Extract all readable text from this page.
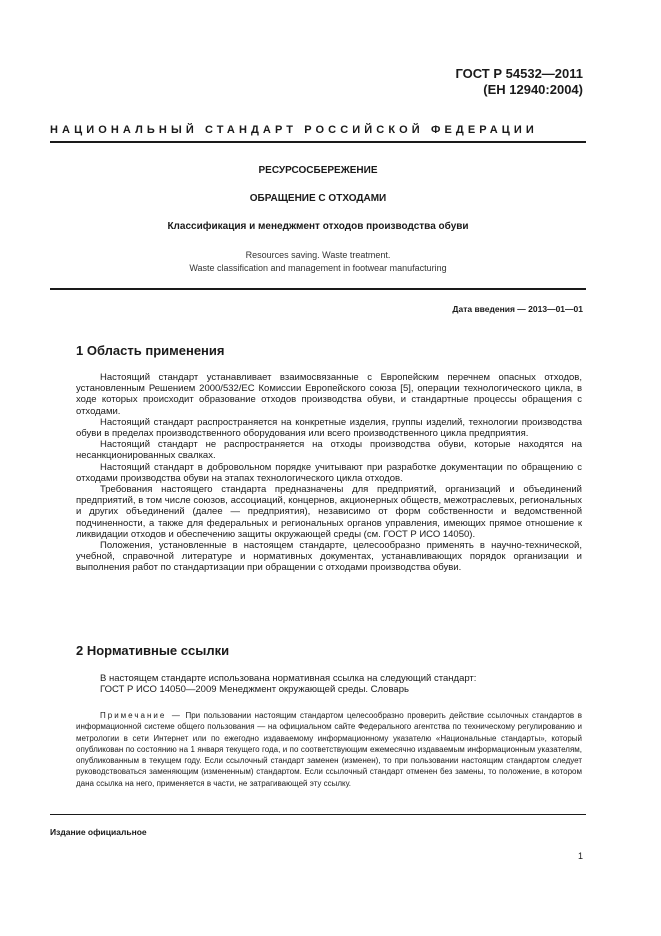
ГОСТ Р 54532—2011
(ЕН 12940:2004)
НАЦИОНАЛЬНЫЙ СТАНДАРТ РОССИЙСКОЙ ФЕДЕРАЦИИ
РЕСУРСОСБЕРЕЖЕНИЕ
ОБРАЩЕНИЕ С ОТХОДАМИ
Классификация и менеджмент отходов производства обуви
Resources saving. Waste treatment.
Waste classification and management in footwear manufacturing
Дата введения — 2013—01—01
1 Область применения

Настоящий стандарт устанавливает взаимосвязанные с Европейским перечнем опасных отходов, установленным Решением 2000/532/ЕС Комиссии Европейского союза [5], операции технологического цикла, в ходе которых происходит образование отходов производства обуви, и стандартные процессы обращения с отходами.

Настоящий стандарт распространяется на конкретные изделия, группы изделий, технологии производства обуви в пределах производственного оборудования или всего производственного цикла предприятия.

Настоящий стандарт не распространяется на отходы производства обуви, которые находятся на несанкционированных свалках.

Настоящий стандарт в добровольном порядке учитывают при разработке документации по обращению с отходами производства обуви на этапах технологического цикла отходов.

Требования настоящего стандарта предназначены для предприятий, организаций и объединений предприятий, в том числе союзов, ассоциаций, концернов, акционерных обществ, межотраслевых, региональных и других объединений (далее — предприятия), независимо от форм собственности и ведомственной подчиненности, а также для федеральных и региональных органов управления, имеющих прямое отношение к ликвидации отходов и обеспечению защиты окружающей среды (см. ГОСТ Р ИСО 14050).

Положения, установленные в настоящем стандарте, целесообразно применять в научно-технической, учебной, справочной литературе и нормативных документах, устанавливающих порядок организации и выполнения работ по стандартизации при обращении с отходами производства обуви.

2 Нормативные ссылки

В настоящем стандарте использована нормативная ссылка на следующий стандарт:

ГОСТ Р ИСО 14050—2009 Менеджмент окружающей среды. Словарь

Примечание — При пользовании настоящим стандартом целесообразно проверить действие ссылочных стандартов в информационной системе общего пользования — на официальном сайте Федерального агентства по техническому регулированию и метрологии в сети Интернет или по ежегодно издаваемому информационному указателю «Национальные стандарты», который опубликован по состоянию на 1 января текущего года, и по соответствующим ежемесячно издаваемым информационным указателям, опубликованным в текущем году. Если ссылочный стандарт заменен (изменен), то при пользовании настоящим стандартом следует руководствоваться заменяющим (измененным) стандартом. Если ссылочный стандарт отменен без замены, то положение, в котором дана ссылка на него, применяется в части, не затрагивающей эту ссылку.

Издание официальное
1
